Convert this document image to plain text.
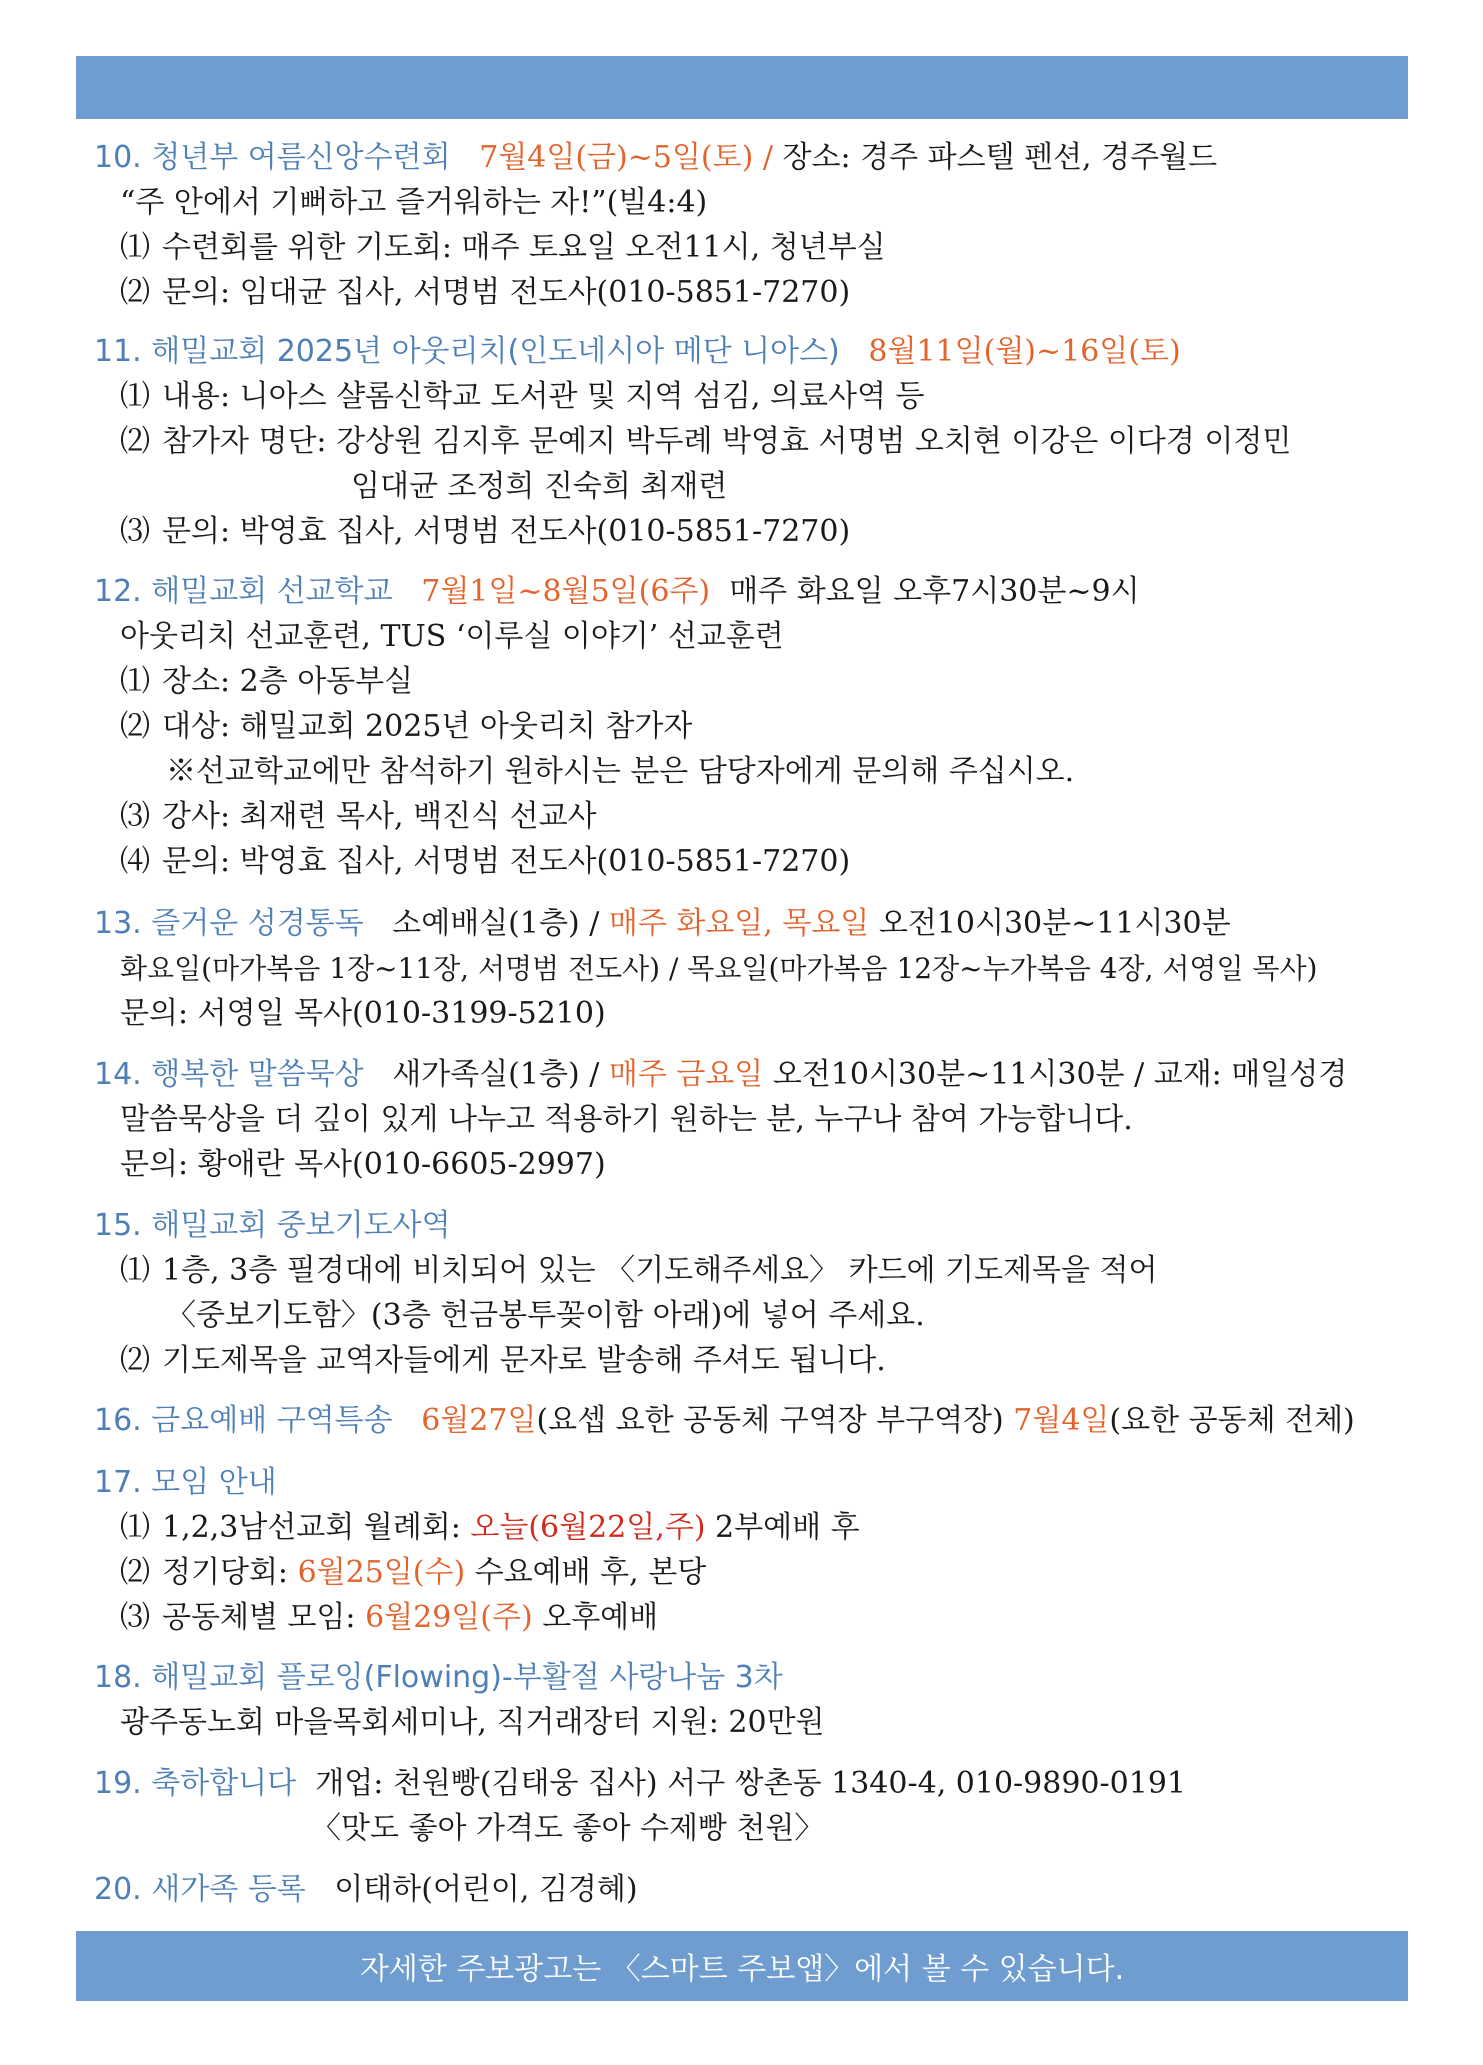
10. 청년부 여름신앙수련회 7월4일(금)~5일(토) / 장소: 경주 파스텔 펜션, 경주월드
“주 안에서 기뻐하고 즐거워하는 자!”(빌4:4)
⑴ 수련회를 위한 기도회: 매주 토요일 오전11시, 청년부실
⑵ 문의: 임대균 집사, 서명범 전도사(010-5851-7270)
11. 해밀교회 2025년 아웃리치(인도네시아 메단 니아스) 8월11일(월)~16일(토)
⑴ 내용: 니아스 샬롬신학교 도서관 및 지역 섬김, 의료사역 등
⑵ 참가자 명단: 강상원 김지후 문예지 박두례 박영효 서명범 오치현 이강은 이다경 이정민
임대균 조정희 진숙희 최재련
⑶ 문의: 박영효 집사, 서명범 전도사(010-5851-7270)
12. 해밀교회 선교학교 7월1일~8월5일(6주) 매주 화요일 오후7시30분~9시
아웃리치 선교훈련, TUS ‘이루실 이야기’ 선교훈련
⑴ 장소: 2층 아동부실
⑵ 대상: 해밀교회 2025년 아웃리치 참가자
※선교학교에만 참석하기 원하시는 분은 담당자에게 문의해 주십시오.
⑶ 강사: 최재련 목사, 백진식 선교사
⑷ 문의: 박영효 집사, 서명범 전도사(010-5851-7270)
13. 즐거운 성경통독 소예배실(1층) / 매주 화요일, 목요일 오전10시30분~11시30분
화요일(마가복음 1장~11장, 서명범 전도사) / 목요일(마가복음 12장~누가복음 4장, 서영일 목사)
문의: 서영일 목사(010-3199-5210)
14. 행복한 말씀묵상 새가족실(1층) / 매주 금요일 오전10시30분~11시30분 / 교재: 매일성경
말씀묵상을 더 깊이 있게 나누고 적용하기 원하는 분, 누구나 참여 가능합니다.
문의: 황애란 목사(010-6605-2997)
15. 해밀교회 중보기도사역
⑴ 1층, 3층 필경대에 비치되어 있는 〈기도해주세요〉 카드에 기도제목을 적어
〈중보기도함〉(3층 헌금봉투꽂이함 아래)에 넣어 주세요.
⑵ 기도제목을 교역자들에게 문자로 발송해 주셔도 됩니다.
16. 금요예배 구역특송 6월27일(요셉 요한 공동체 구역장 부구역장) 7월4일(요한 공동체 전체)
17. 모임 안내
⑴ 1,2,3남선교회 월례회: 오늘(6월22일,주) 2부예배 후
⑵ 정기당회: 6월25일(수) 수요예배 후, 본당
⑶ 공동체별 모임: 6월29일(주) 오후예배
18. 해밀교회 플로잉(Flowing)-부활절 사랑나눔 3차
광주동노회 마을목회세미나, 직거래장터 지원: 20만원
19. 축하합니다 개업: 천원빵(김태웅 집사) 서구 쌍촌동 1340-4, 010-9890-0191
〈맛도 좋아 가격도 좋아 수제빵 천원〉
20. 새가족 등록 이태하(어린이, 김경혜)
자세한 주보광고는 〈스마트 주보앱〉에서 볼 수 있습니다.
